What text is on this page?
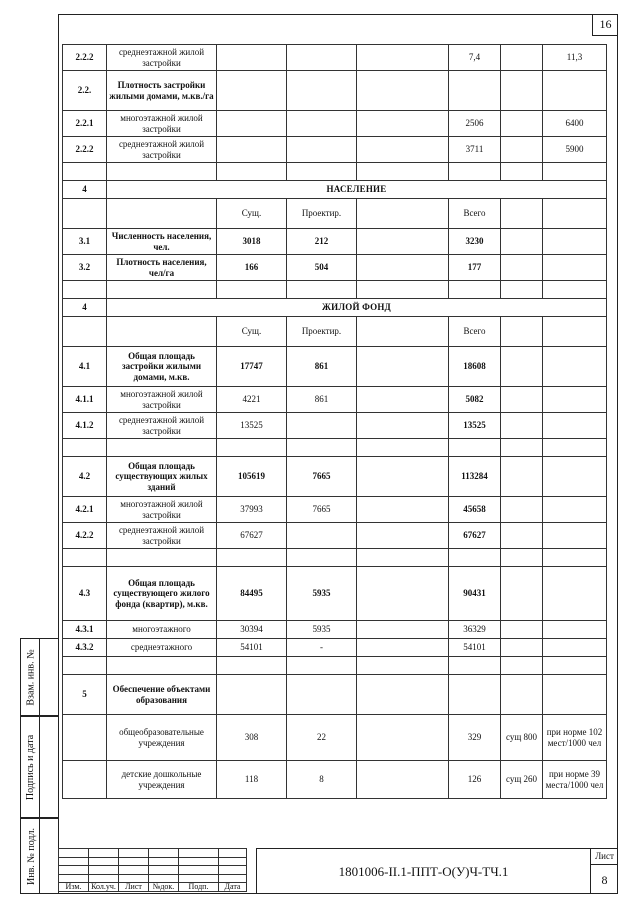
16
2.2.2	среднеэтажной жилой застройки				7,4		11,3
2.2.	Плотность застройки жилыми домами, м.кв./га						
2.2.1	многоэтажной жилой застройки				2506		6400
2.2.2	среднеэтажной жилой застройки				3711		5900

4	НАСЕЛЕНИЕ						
		Сущ.	Проектир.		Всего		
3.1	Численность населения, чел.	3018	212		3230		
3.2	Плотность населения, чел/га	166	504		177		

4	ЖИЛОЙ ФОНД						
		Сущ.	Проектир.		Всего		
4.1	Общая площадь застройки жилыми домами, м.кв.	17747	861		18608		
4.1.1	многоэтажной жилой застройки	4221	861		5082		
4.1.2	среднеэтажной жилой застройки	13525			13525		

4.2	Общая площадь существующих жилых зданий	105619	7665		113284		
4.2.1	многоэтажной жилой застройки	37993	7665		45658		
4.2.2	среднеэтажной жилой застройки	67627			67627		

4.3	Общая площадь существующего жилого фонда (квартир), м.кв.	84495	5935		90431		
4.3.1	многоэтажного	30394	5935		36329		
4.3.2	среднеэтажного	54101	-		54101		

5	Обеспечение объектами образования						
	общеобразовательные учреждения	308	22		329	сущ 800	при норме 102 мест/1000 чел
	детские дошкольные учреждения	118	8		126	сущ 260	при норме 39 места/1000 чел
Взам. инв. №
Подпись и дата
Инв. № подл.

Изм.	Кол.уч.	Лист	№док.	Подп.	Дата
1801006-II.1-ППТ-О(У)Ч-ТЧ.1
Лист
8
